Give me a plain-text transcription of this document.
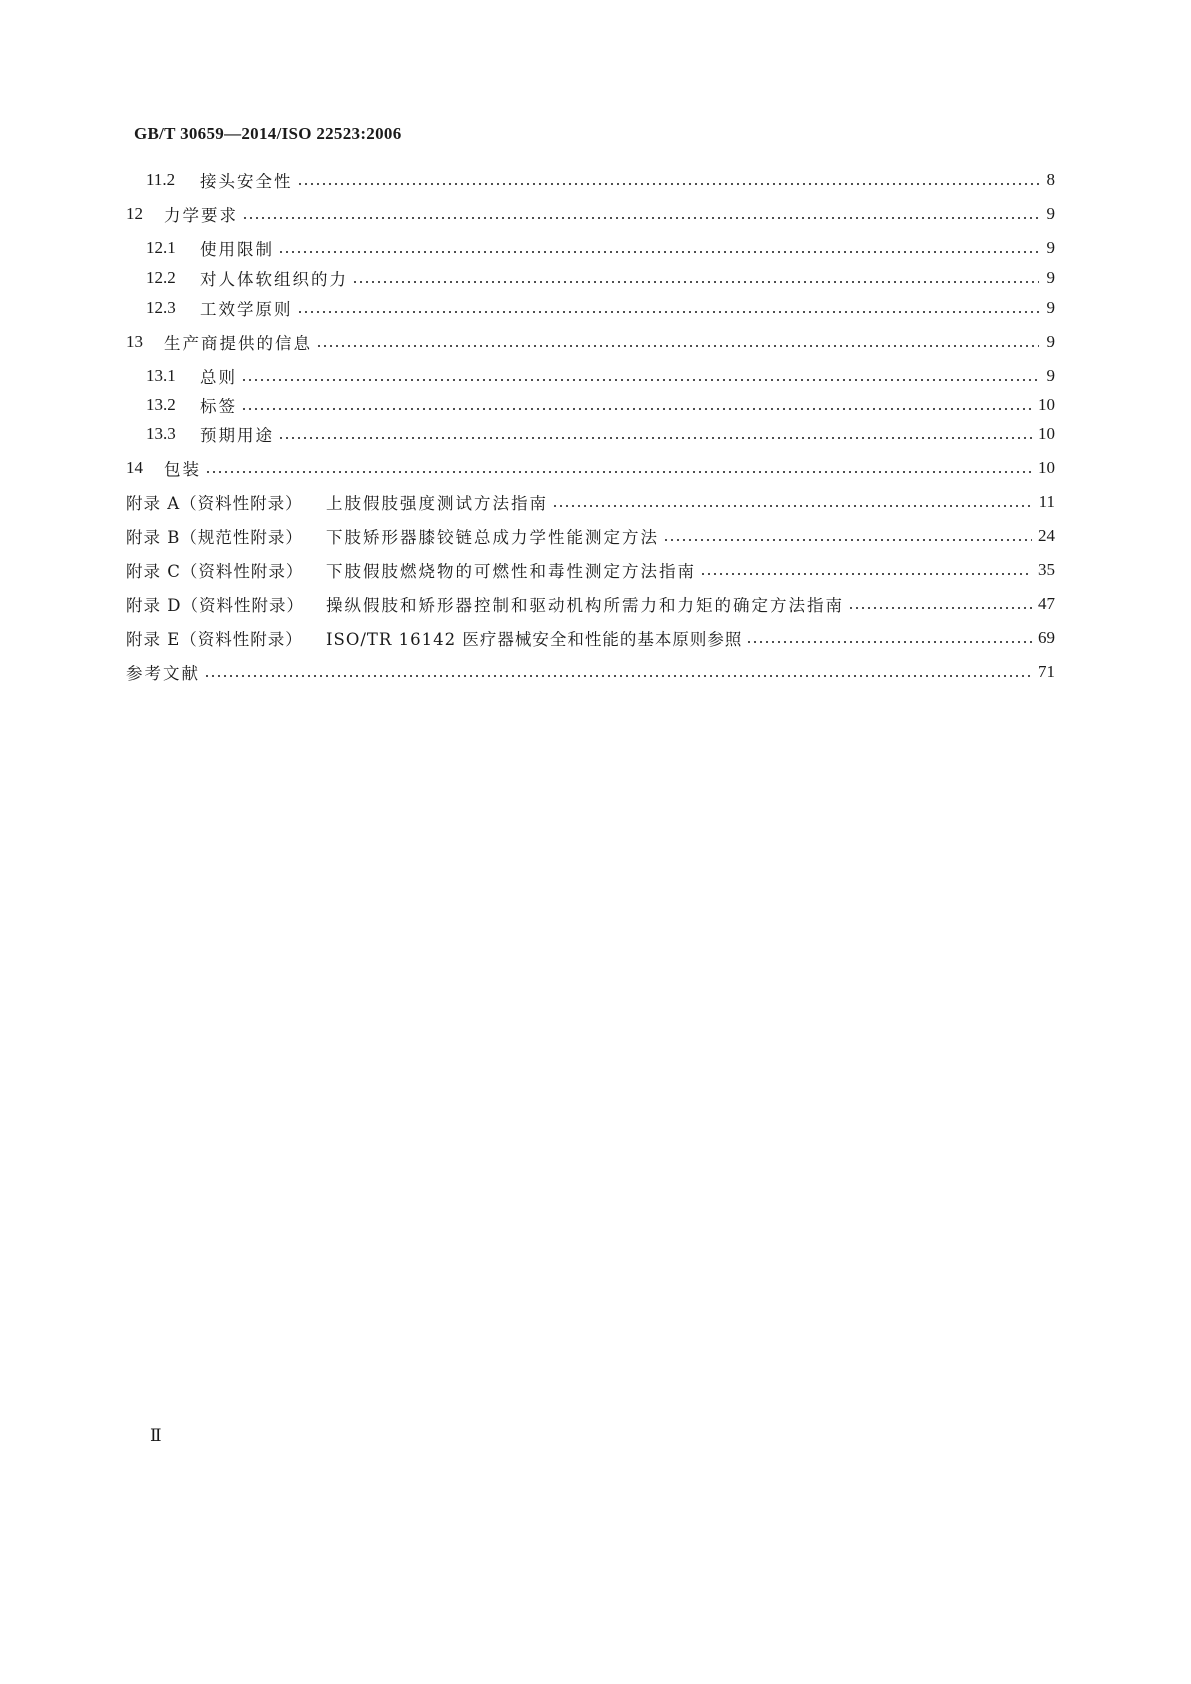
GB/T 30659—2014/ISO 22523:2006
11.2	接头安全性	8
12	力学要求	9
12.1	使用限制	9
12.2	对人体软组织的力	9
12.3	工效学原则	9
13	生产商提供的信息	9
13.1	总则	9
13.2	标签	10
13.3	预期用途	10
14	包装	10
附录 A（资料性附录）	上肢假肢强度测试方法指南	11
附录 B（规范性附录）	下肢矫形器膝铰链总成力学性能测定方法	24
附录 C（资料性附录）	下肢假肢燃烧物的可燃性和毒性测定方法指南	35
附录 D（资料性附录）	操纵假肢和矫形器控制和驱动机构所需力和力矩的确定方法指南	47
附录 E（资料性附录）	ISO/TR 16142 医疗器械安全和性能的基本原则参照	69
参考文献	71
Ⅱ
